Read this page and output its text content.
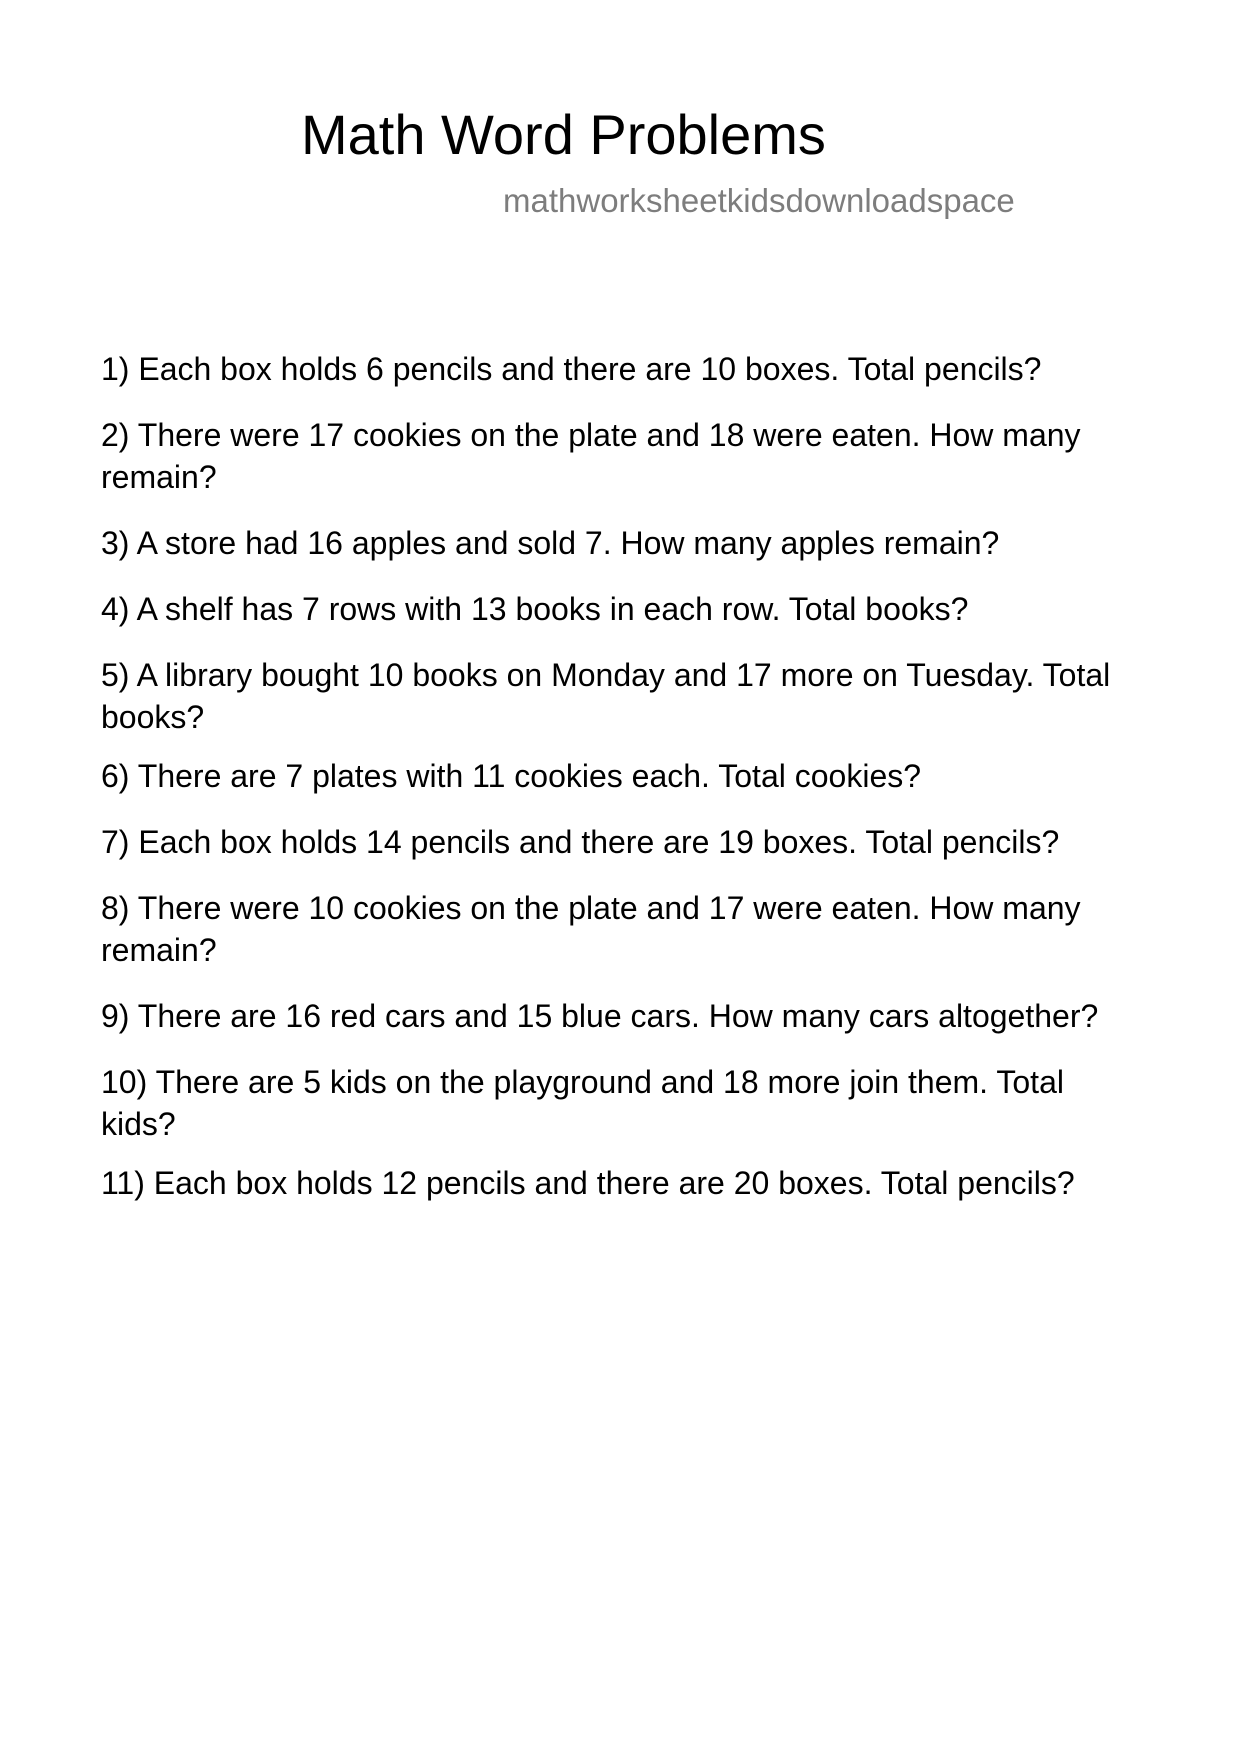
Math Word Problems
mathworksheetkidsdownloadspace
1) Each box holds 6 pencils and there are 10 boxes. Total pencils?
2) There were 17 cookies on the plate and 18 were eaten. How many remain?
3) A store had 16 apples and sold 7. How many apples remain?
4) A shelf has 7 rows with 13 books in each row. Total books?
5) A library bought 10 books on Monday and 17 more on Tuesday. Total books?
6) There are 7 plates with 11 cookies each. Total cookies?
7) Each box holds 14 pencils and there are 19 boxes. Total pencils?
8) There were 10 cookies on the plate and 17 were eaten. How many remain?
9) There are 16 red cars and 15 blue cars. How many cars altogether?
10) There are 5 kids on the playground and 18 more join them. Total kids?
11) Each box holds 12 pencils and there are 20 boxes. Total pencils?
